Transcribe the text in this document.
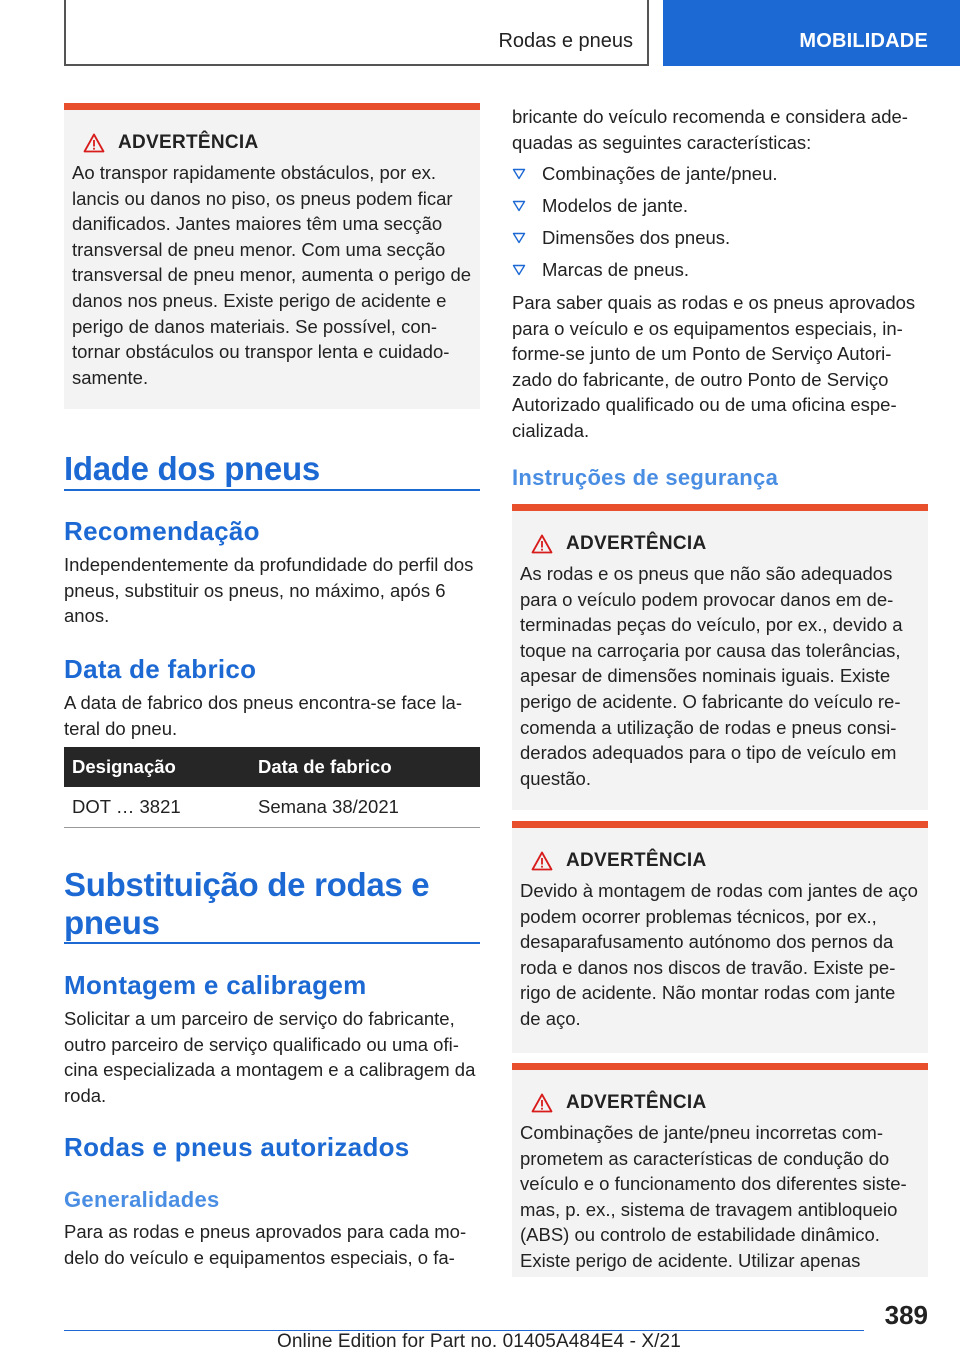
Rodas e pneus	MOBILIDADE
ADVERTÊNCIA

Ao transpor rapidamente obstáculos, por ex. lancis ou danos no piso, os pneus podem ficar danificados. Jantes maiores têm uma secção transversal de pneu menor. Com uma secção transversal de pneu menor, aumenta o perigo de danos nos pneus. Existe perigo de acidente e perigo de danos materiais. Se possível, con-tornar obstáculos ou transpor lenta e cuidado-samente.

Idade dos pneus
Recomendação
Independentemente da profundidade do perfil dos pneus, substituir os pneus, no máximo, após 6 anos.
Data de fabrico
A data de fabrico dos pneus encontra-se face la-teral do pneu.
Designação	Data de fabrico
DOT … 3821	Semana 38/2021
Substituição de rodas e pneus
Montagem e calibragem
Solicitar a um parceiro de serviço do fabricante, outro parceiro de serviço qualificado ou uma ofi-cina especializada a montagem e a calibragem da roda.
Rodas e pneus autorizados
Generalidades
Para as rodas e pneus aprovados para cada mo-delo do veículo e equipamentos especiais, o fa-
bricante do veículo recomenda e considera ade-quadas as seguintes características:
Combinações de jante/pneu.
Modelos de jante.
Dimensões dos pneus.
Marcas de pneus.
Para saber quais as rodas e os pneus aprovados para o veículo e os equipamentos especiais, in-forme-se junto de um Ponto de Serviço Autori-zado do fabricante, de outro Ponto de Serviço Autorizado qualificado ou de uma oficina espe-cializada.
Instruções de segurança
ADVERTÊNCIA

As rodas e os pneus que não são adequados para o veículo podem provocar danos em de-terminadas peças do veículo, por ex., devido a toque na carroçaria por causa das tolerâncias, apesar de dimensões nominais iguais. Existe perigo de acidente. O fabricante do veículo re-comenda a utilização de rodas e pneus consi-derados adequados para o tipo de veículo em questão.

ADVERTÊNCIA

Devido à montagem de rodas com jantes de aço podem ocorrer problemas técnicos, por ex., desaparafusamento autónomo dos pernos da roda e danos nos discos de travão. Existe pe-rigo de acidente. Não montar rodas com jante de aço.

ADVERTÊNCIA

Combinações de jante/pneu incorretas com-prometem as características de condução do veículo e o funcionamento dos diferentes siste-mas, p. ex., sistema de travagem antibloqueio (ABS) ou controlo de estabilidade dinâmico. Existe perigo de acidente. Utilizar apenas

389
Online Edition for Part no. 01405A484E4 - X/21
